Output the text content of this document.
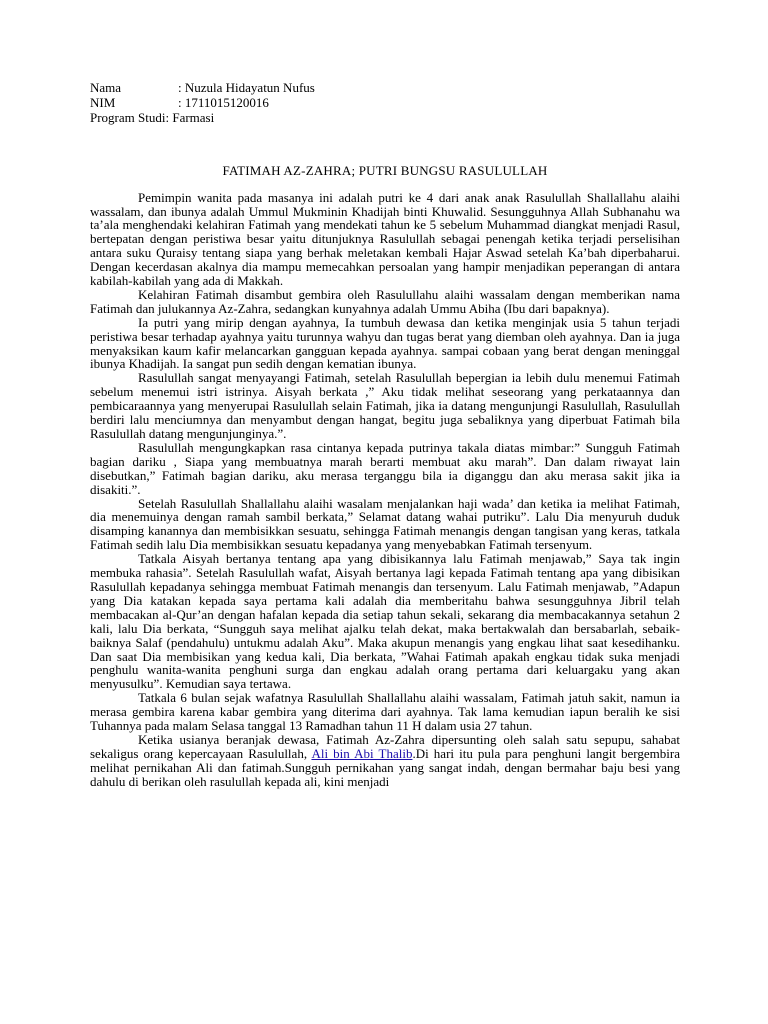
Nama	: Nuzula Hidayatun Nufus
NIM	: 1711015120016
Program Studi : Farmasi
FATIMAH AZ-ZAHRA; PUTRI BUNGSU RASULULLAH

Pemimpin wanita pada masanya ini adalah putri ke 4 dari anak anak Rasulullah Shallallahu alaihi wassalam, dan ibunya adalah Ummul Mukminin Khadijah binti Khuwalid. Sesungguhnya Allah Subhanahu wa ta’ala menghendaki kelahiran Fatimah yang mendekati tahun ke 5 sebelum Muhammad diangkat menjadi Rasul, bertepatan dengan peristiwa besar yaitu ditunjuknya Rasulullah sebagai penengah ketika terjadi perselisihan antara suku Quraisy tentang siapa yang berhak meletakan kembali Hajar Aswad setelah Ka’bah diperbaharui. Dengan kecerdasan akalnya dia mampu memecahkan persoalan yang hampir menjadikan peperangan di antara kabilah-kabilah yang ada di Makkah.

Kelahiran Fatimah disambut gembira oleh Rasulullahu alaihi wassalam dengan memberikan nama Fatimah dan julukannya Az-Zahra, sedangkan kunyahnya adalah Ummu Abiha (Ibu dari bapaknya).

Ia putri yang mirip dengan ayahnya, Ia tumbuh dewasa dan ketika menginjak usia 5 tahun terjadi peristiwa besar terhadap ayahnya yaitu turunnya wahyu dan tugas berat yang diemban oleh ayahnya. Dan ia juga menyaksikan kaum kafir melancarkan gangguan kepada ayahnya. sampai cobaan yang berat dengan meninggal ibunya Khadijah. Ia sangat pun sedih dengan kematian ibunya.

Rasulullah sangat menyayangi Fatimah, setelah Rasulullah bepergian ia lebih dulu menemui Fatimah sebelum menemui istri istrinya. Aisyah berkata ,” Aku tidak melihat seseorang yang perkataannya dan pembicaraannya yang menyerupai Rasulullah selain Fatimah, jika ia datang mengunjungi Rasulullah, Rasulullah berdiri lalu menciumnya dan menyambut dengan hangat, begitu juga sebaliknya yang diperbuat Fatimah bila Rasulullah datang mengunjunginya.”.

Rasulullah mengungkapkan rasa cintanya kepada putrinya takala diatas mimbar:” Sungguh Fatimah bagian dariku , Siapa yang membuatnya marah berarti membuat aku marah”. Dan dalam riwayat lain disebutkan,” Fatimah bagian dariku, aku merasa terganggu bila ia diganggu dan aku merasa sakit jika ia disakiti.”.

Setelah Rasulullah Shallallahu alaihi wasalam menjalankan haji wada’ dan ketika ia melihat Fatimah, dia menemuinya dengan ramah sambil berkata,” Selamat datang wahai putriku”. Lalu Dia menyuruh duduk disamping kanannya dan membisikkan sesuatu, sehingga Fatimah menangis dengan tangisan yang keras, tatkala Fatimah sedih lalu Dia membisikkan sesuatu kepadanya yang menyebabkan Fatimah tersenyum.

Tatkala Aisyah bertanya tentang apa yang dibisikannya lalu Fatimah menjawab,” Saya tak ingin membuka rahasia”. Setelah Rasulullah wafat, Aisyah bertanya lagi kepada Fatimah tentang apa yang dibisikan Rasulullah kepadanya sehingga membuat Fatimah menangis dan tersenyum. Lalu Fatimah menjawab, ”Adapun yang Dia katakan kepada saya pertama kali adalah dia memberitahu bahwa sesungguhnya Jibril telah membacakan al-Qur’an dengan hafalan kepada dia setiap tahun sekali, sekarang dia membacakannya setahun 2 kali, lalu Dia berkata, “Sungguh saya melihat ajalku telah dekat, maka bertakwalah dan bersabarlah, sebaik-baiknya Salaf (pendahulu) untukmu adalah Aku”. Maka akupun menangis yang engkau lihat saat kesedihanku. Dan saat Dia membisikan yang kedua kali, Dia berkata, ”Wahai Fatimah apakah engkau tidak suka menjadi penghulu wanita-wanita penghuni surga dan engkau adalah orang pertama dari keluargaku yang akan menyusulku”. Kemudian saya tertawa.

Tatkala 6 bulan sejak wafatnya Rasulullah Shallallahu alaihi wassalam, Fatimah jatuh sakit, namun ia merasa gembira karena kabar gembira yang diterima dari ayahnya. Tak lama kemudian iapun beralih ke sisi Tuhannya pada malam Selasa tanggal 13 Ramadhan tahun 11 H dalam usia 27 tahun.

Ketika usianya beranjak dewasa, Fatimah Az-Zahra dipersunting oleh salah satu sepupu, sahabat sekaligus orang kepercayaan Rasulullah, Ali bin Abi Thalib.Di hari itu pula para penghuni langit bergembira melihat pernikahan Ali dan fatimah.Sungguh pernikahan yang sangat indah, dengan bermahar baju besi yang dahulu di berikan oleh rasulullah kepada ali, kini menjadi
